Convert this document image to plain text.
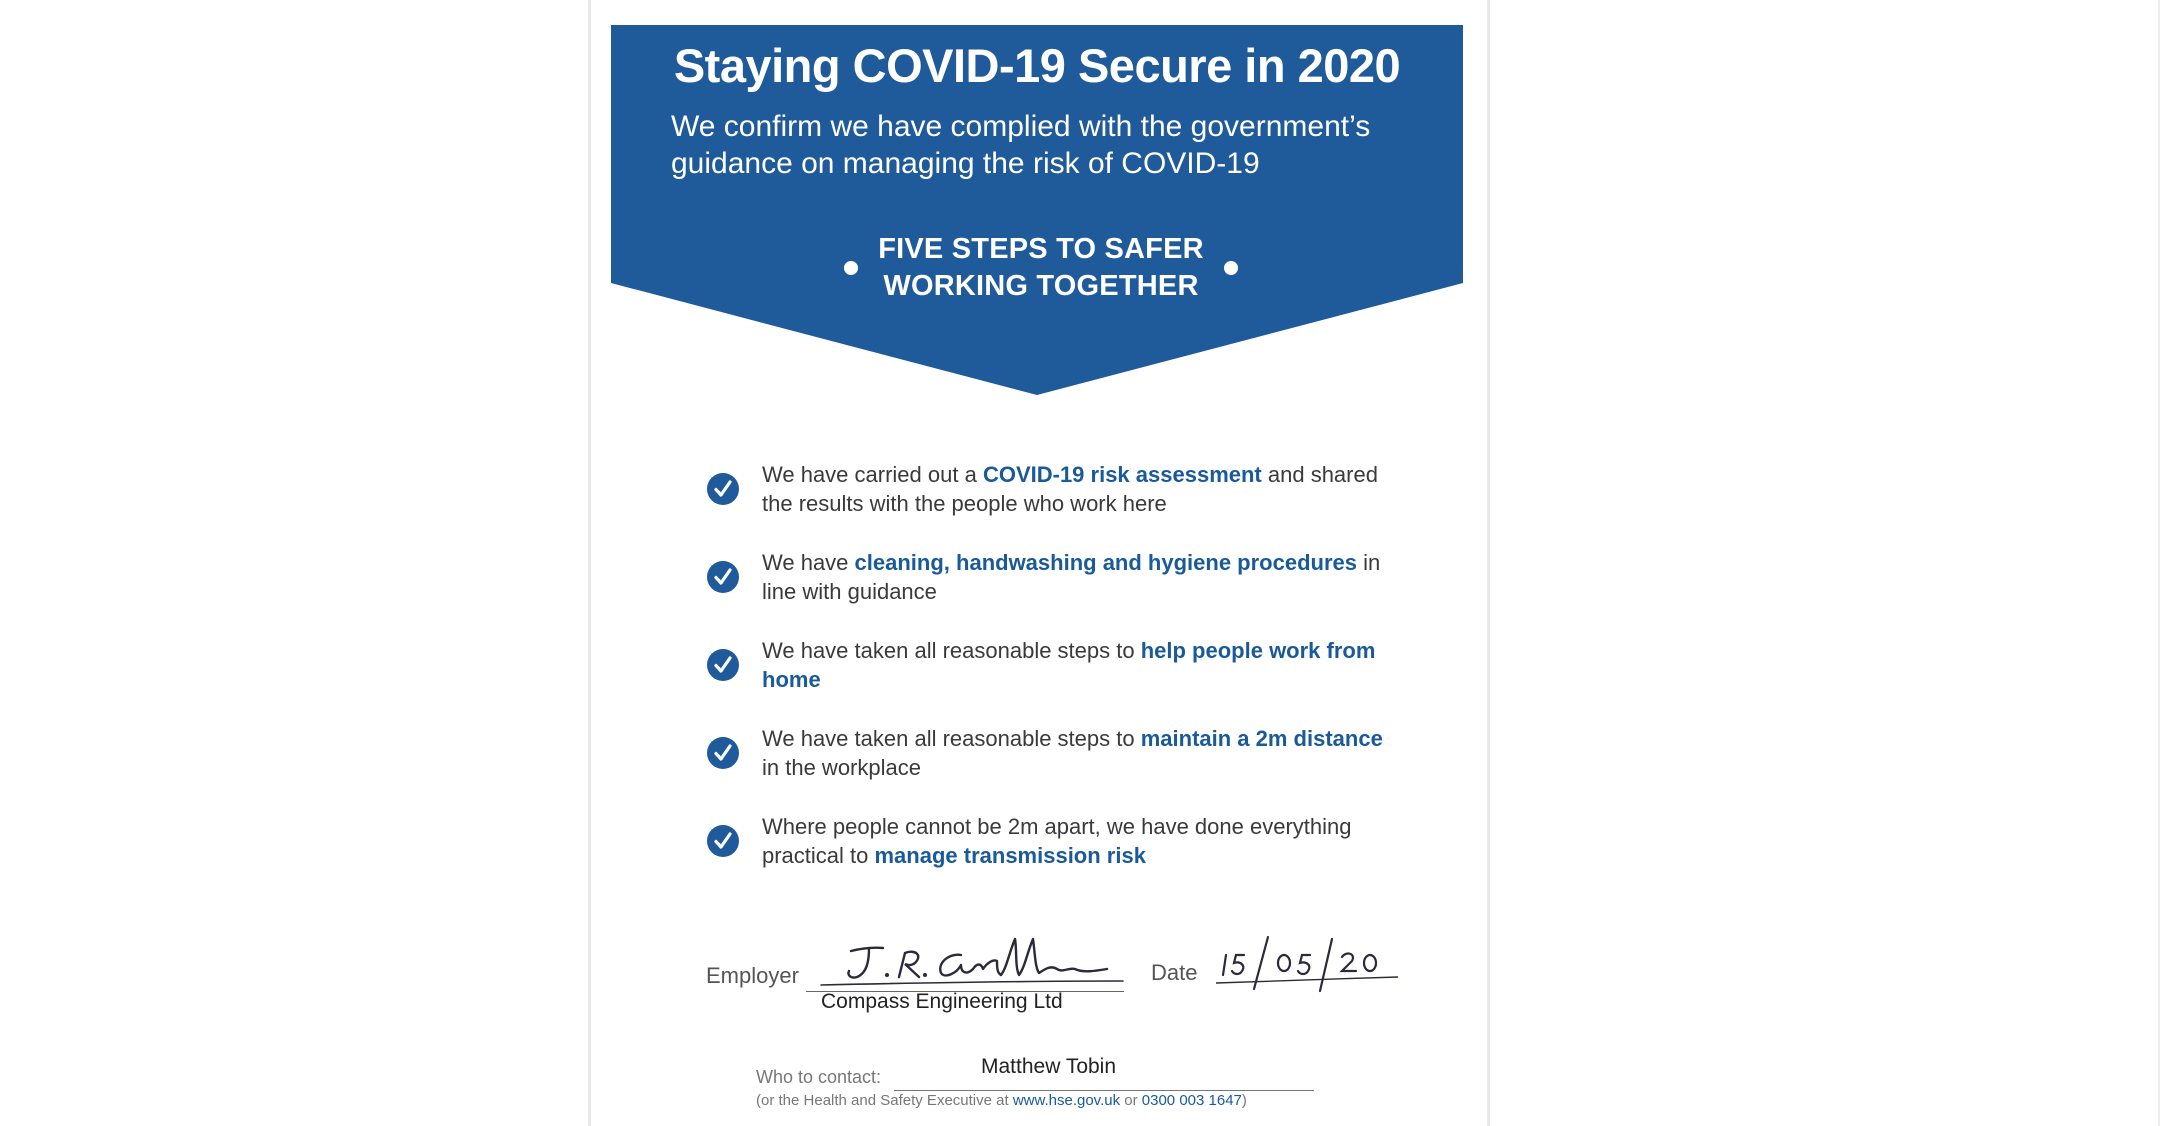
Staying COVID-19 Secure in 2020

We confirm we have complied with the government’s guidance on managing the risk of COVID-19

FIVE STEPS TO SAFER
WORKING TOGETHER
We have carried out a COVID-19 risk assessment and shared the results with the people who work here
We have cleaning, handwashing and hygiene procedures in line with guidance
We have taken all reasonable steps to help people work from home
We have taken all reasonable steps to maintain a 2m distance in the workplace
Where people cannot be 2m apart, we have done everything practical to manage transmission risk
Employer	Date
Compass Engineering Ltd
Who to contact:	Matthew Tobin
(or the Health and Safety Executive at www.hse.gov.uk or 0300 003 1647)
